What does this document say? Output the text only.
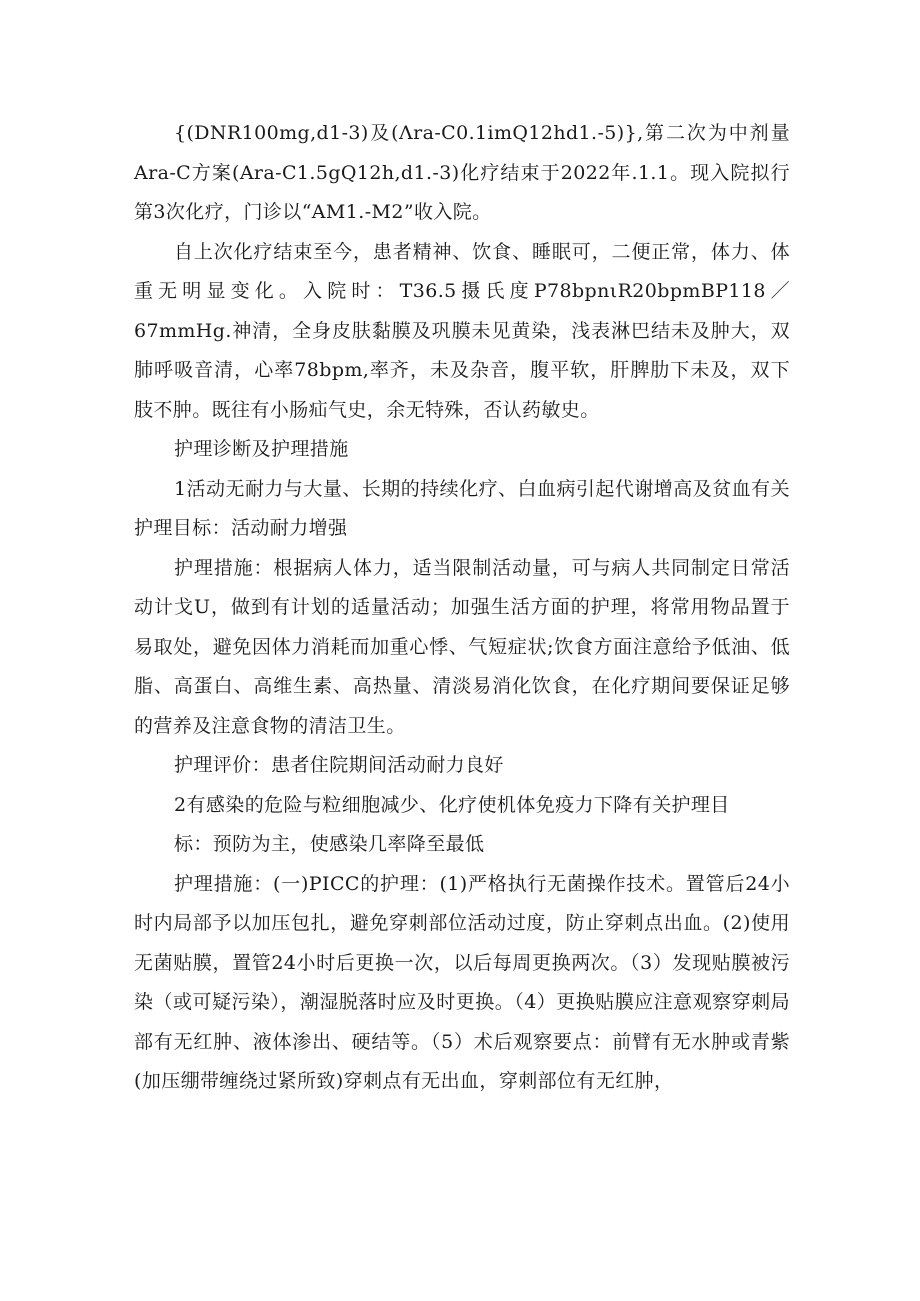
{(DNR100mg,d1-3)及(Λra-C0.1imQ12hd1.-5)},第二次为中剂量Ara-C方案(Ara-C1.5gQ12h,d1.-3)化疗结束于2022年.1.1。现入院拟行第3次化疗，门诊以“AM1.-M2”收入院。

自上次化疗结束至今，患者精神、饮食、睡眠可，二便正常，体力、体重无明显变化。入院时：T36.5摄氏度P78bpnιR20bpmBP118／67mmHg.神清，全身皮肤黏膜及巩膜未见黄染，浅表淋巴结未及肿大，双肺呼吸音清，心率78bpm,率齐，未及杂音，腹平软，肝脾肋下未及，双下肢不肿。既往有小肠疝气史，余无特殊，否认药敏史。

护理诊断及护理措施

1活动无耐力与大量、长期的持续化疗、白血病引起代谢增高及贫血有关护理目标：活动耐力增强

护理措施：根据病人体力，适当限制活动量，可与病人共同制定日常活动计戈U，做到有计划的适量活动；加强生活方面的护理，将常用物品置于易取处，避免因体力消耗而加重心悸、气短症状;饮食方面注意给予低油、低脂、高蛋白、高维生素、高热量、清淡易消化饮食，在化疗期间要保证足够的营养及注意食物的清洁卫生。

护理评价：患者住院期间活动耐力良好

2有感染的危险与粒细胞减少、化疗使机体免疫力下降有关护理目

标：预防为主，使感染几率降至最低

护理措施：(一)PICC的护理：(1)严格执行无菌操作技术。置管后24小时内局部予以加压包扎，避免穿刺部位活动过度，防止穿刺点出血。(2)使用无菌贴膜，置管24小时后更换一次，以后每周更换两次。（3）发现贴膜被污染（或可疑污染），潮湿脱落时应及时更换。（4）更换贴膜应注意观察穿刺局部有无红肿、液体渗出、硬结等。（5）术后观察要点：前臂有无水肿或青紫(加压绷带缠绕过紧所致)穿刺点有无出血，穿刺部位有无红肿，
